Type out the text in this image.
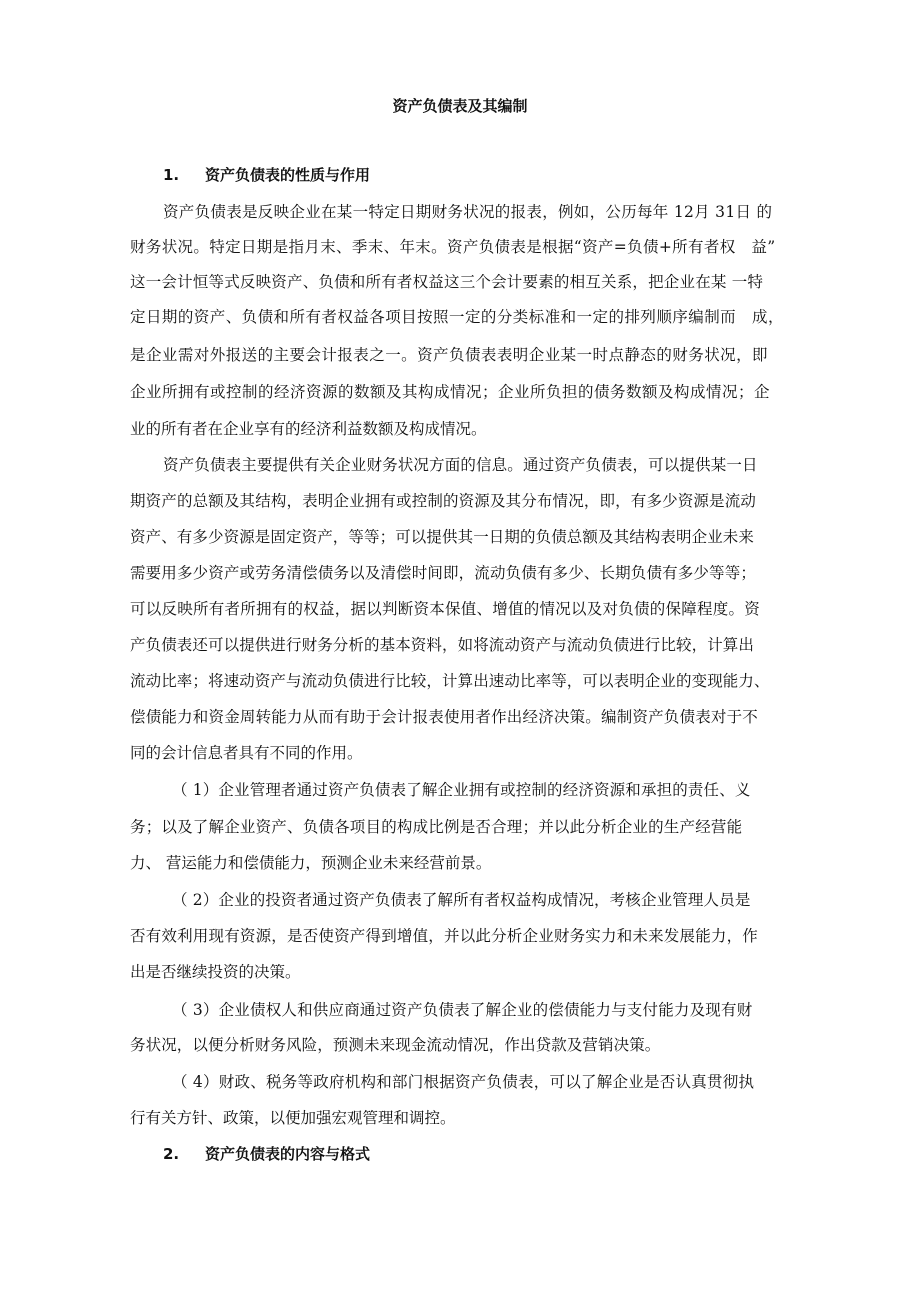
资产负债表及其编制
1. 资产负债表的性质与作用
资产负债表是反映企业在某一特定日期财务状况的报表，例如，公历每年 12月 31日 的
财务状况。特定日期是指月末、季末、年末。资产负债表是根据“资产=负债+所有者权　益”
这一会计恒等式反映资产、负债和所有者权益这三个会计要素的相互关系，把企业在某 一特
定日期的资产、负债和所有者权益各项目按照一定的分类标准和一定的排列顺序编制而　成，
是企业需对外报送的主要会计报表之一。资产负债表表明企业某一时点静态的财务状况，即
企业所拥有或控制的经济资源的数额及其构成情况；企业所负担的债务数额及构成情况；企
业的所有者在企业享有的经济利益数额及构成情况。
资产负债表主要提供有关企业财务状况方面的信息。通过资产负债表，可以提供某一日
期资产的总额及其结构，表明企业拥有或控制的资源及其分布情况，即，有多少资源是流动
资产、有多少资源是固定资产，等等；可以提供其一日期的负债总额及其结构表明企业未来
需要用多少资产或劳务清偿债务以及清偿时间即，流动负债有多少、长期负债有多少等等；
可以反映所有者所拥有的权益，据以判断资本保值、增值的情况以及对负债的保障程度。资
产负债表还可以提供进行财务分析的基本资料，如将流动资产与流动负债进行比较，计算出
流动比率；将速动资产与流动负债进行比较，计算出速动比率等，可以表明企业的变现能力、
偿债能力和资金周转能力从而有助于会计报表使用者作出经济决策。编制资产负债表对于不
同的会计信息者具有不同的作用。
（ 1）企业管理者通过资产负债表了解企业拥有或控制的经济资源和承担的责任、义
务；以及了解企业资产、负债各项目的构成比例是否合理；并以此分析企业的生产经营能
力、 营运能力和偿债能力，预测企业未来经营前景。
（ 2）企业的投资者通过资产负债表了解所有者权益构成情况，考核企业管理人员是
否有效利用现有资源，是否使资产得到增值，并以此分析企业财务实力和未来发展能力，作
出是否继续投资的决策。
（ 3）企业债权人和供应商通过资产负债表了解企业的偿债能力与支付能力及现有财
务状况，以便分析财务风险，预测未来现金流动情况，作出贷款及营销决策。
（ 4）财政、税务等政府机构和部门根据资产负债表，可以了解企业是否认真贯彻执
行有关方针、政策，以便加强宏观管理和调控。
2. 资产负债表的内容与格式
